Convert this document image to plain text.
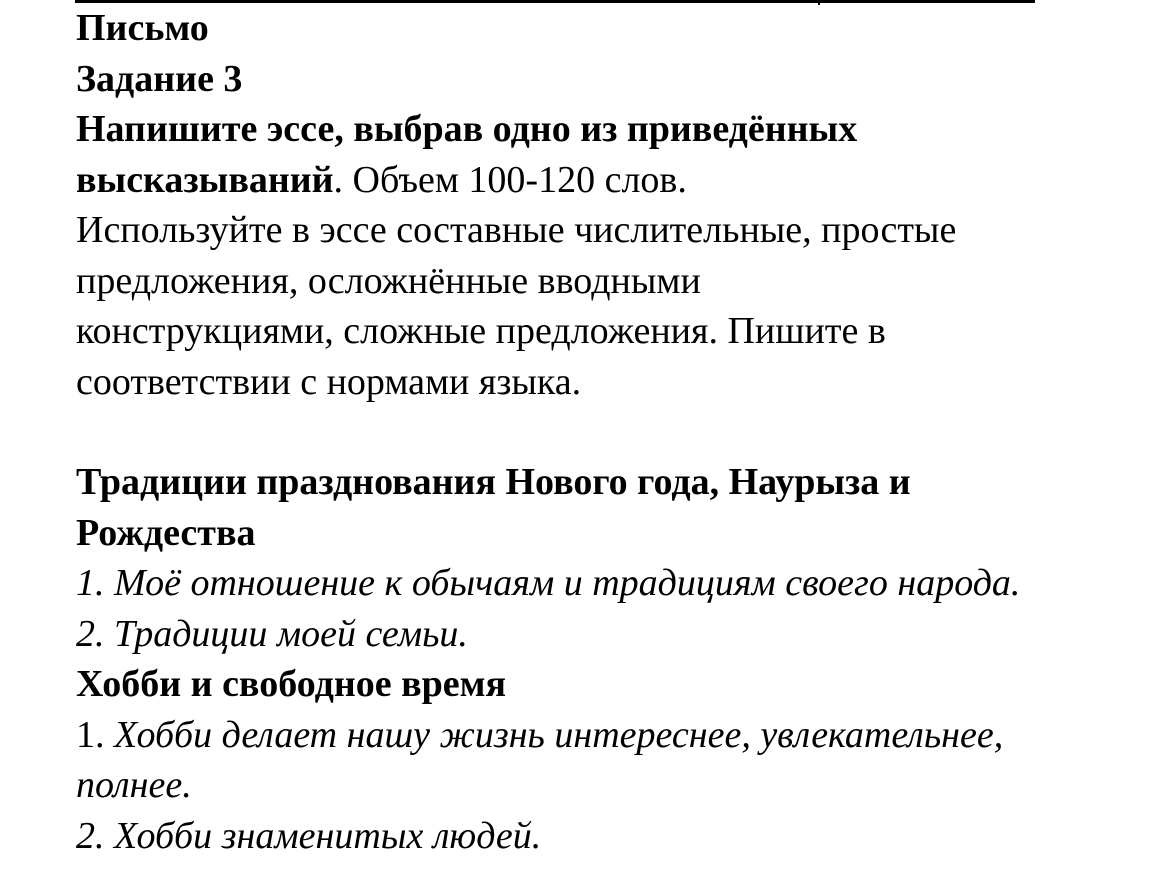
Письмо
Задание 3
Напишите эссе, выбрав одно из приведённых
высказываний. Объем 100-120 слов.
Используйте в эссе составные числительные, простые
предложения, осложнённые вводными
конструкциями, сложные предложения. Пишите в
соответствии с нормами языка.
Традиции празднования Нового года, Наурыза и
Рождества
1. Моё отношение к обычаям и традициям своего народа.
2. Традиции моей семьи.
Хобби и свободное время
1. Хобби делает нашу жизнь интереснее, увлекательнее,
полнее.
2. Хобби знаменитых людей.
